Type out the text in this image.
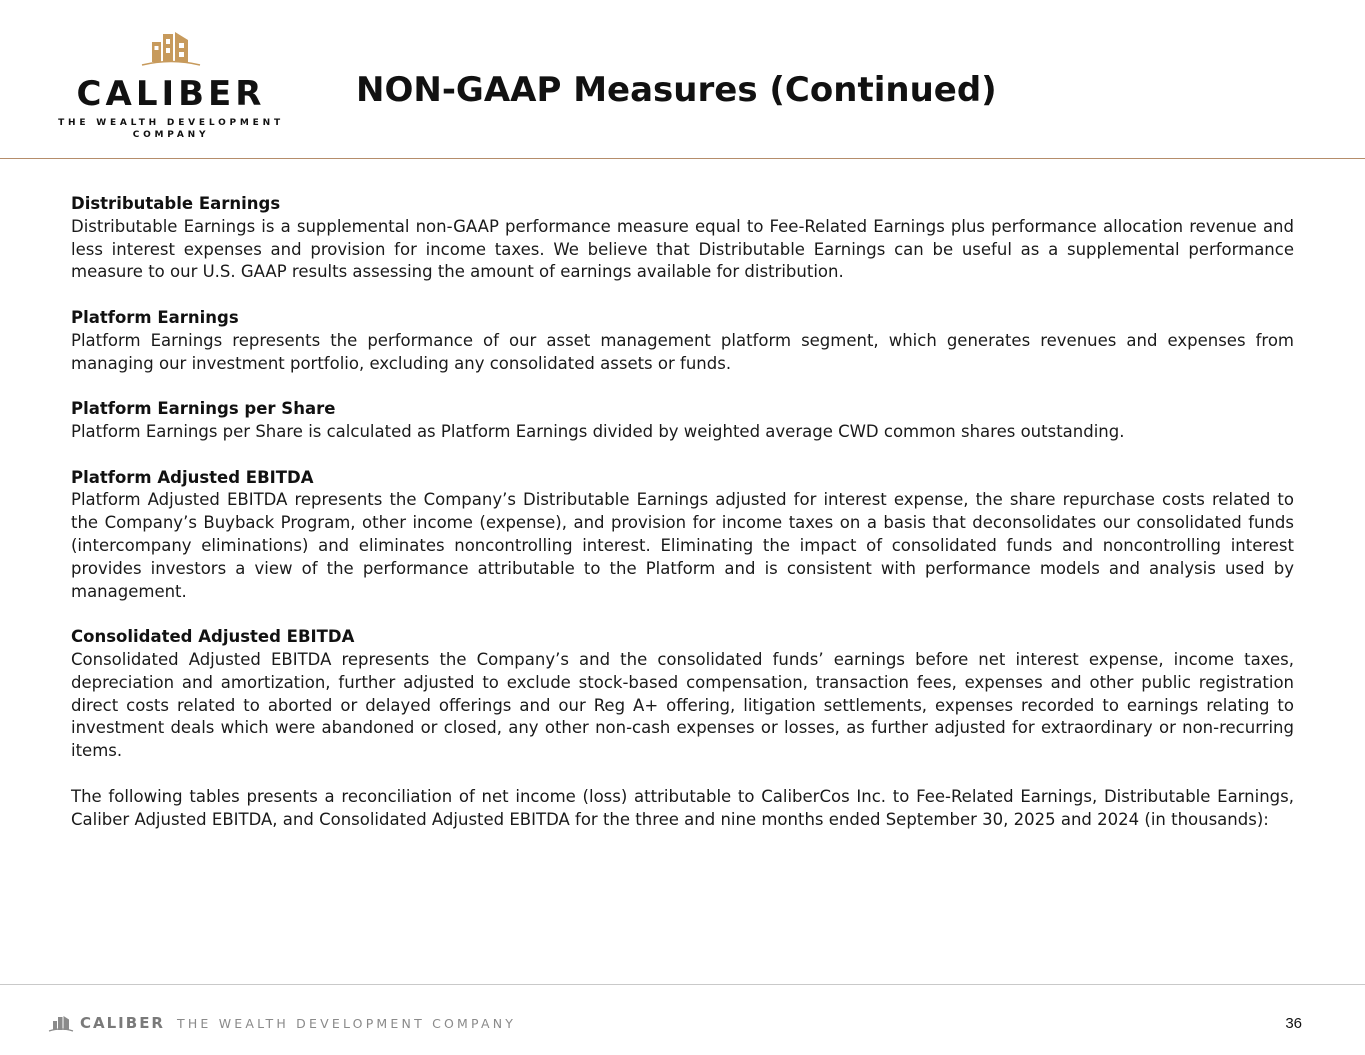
CALIBER
THE WEALTH DEVELOPMENT COMPANY
NON-GAAP Measures (Continued)
Distributable Earnings
Distributable Earnings is a supplemental non-GAAP performance measure equal to Fee-Related Earnings plus performance allocation revenue and less interest expenses and provision for income taxes. We believe that Distributable Earnings can be useful as a supplemental performance measure to our U.S. GAAP results assessing the amount of earnings available for distribution.
Platform Earnings
Platform Earnings represents the performance of our asset management platform segment, which generates revenues and expenses from managing our investment portfolio, excluding any consolidated assets or funds.
Platform Earnings per Share
Platform Earnings per Share is calculated as Platform Earnings divided by weighted average CWD common shares outstanding.
Platform Adjusted EBITDA
Platform Adjusted EBITDA represents the Company’s Distributable Earnings adjusted for interest expense, the share repurchase costs related to the Company’s Buyback Program, other income (expense), and provision for income taxes on a basis that deconsolidates our consolidated funds (intercompany eliminations) and eliminates noncontrolling interest. Eliminating the impact of consolidated funds and noncontrolling interest provides investors a view of the performance attributable to the Platform and is consistent with performance models and analysis used by management.
Consolidated Adjusted EBITDA
Consolidated Adjusted EBITDA represents the Company’s and the consolidated funds’ earnings before net interest expense, income taxes, depreciation and amortization, further adjusted to exclude stock-based compensation, transaction fees, expenses and other public registration direct costs related to aborted or delayed offerings and our Reg A+ offering, litigation settlements, expenses recorded to earnings relating to investment deals which were abandoned or closed, any other non-cash expenses or losses, as further adjusted for extraordinary or non-recurring items.
The following tables presents a reconciliation of net income (loss) attributable to CaliberCos Inc. to Fee-Related Earnings, Distributable Earnings, Caliber Adjusted EBITDA, and Consolidated Adjusted EBITDA for the three and nine months ended September 30, 2025 and 2024 (in thousands):
CALIBER THE WEALTH DEVELOPMENT COMPANY	36
